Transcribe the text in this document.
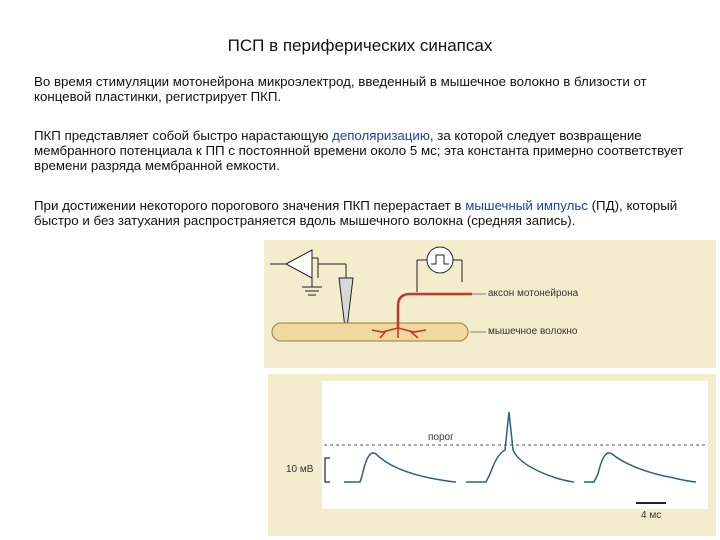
ПСП в периферических синапсах
Во время стимуляции мотонейрона микроэлектрод, введенный в мышечное волокно в близости от концевой пластинки, регистрирует ПКП.
ПКП представляет собой быстро нарастающую деполяризацию, за которой следует возвращение мембранного потенциала к ПП с постоянной времени около 5 мс; эта константа примерно соответствует времени разряда мембранной емкости.
При достижении некоторого порогового значения ПКП перерастает в мышечный импульс (ПД), который быстро и без затухания распространяется вдоль мышечного волокна (средняя запись).
аксон мотонейрона
мышечное волокно
порог
10 мВ
4 мс
